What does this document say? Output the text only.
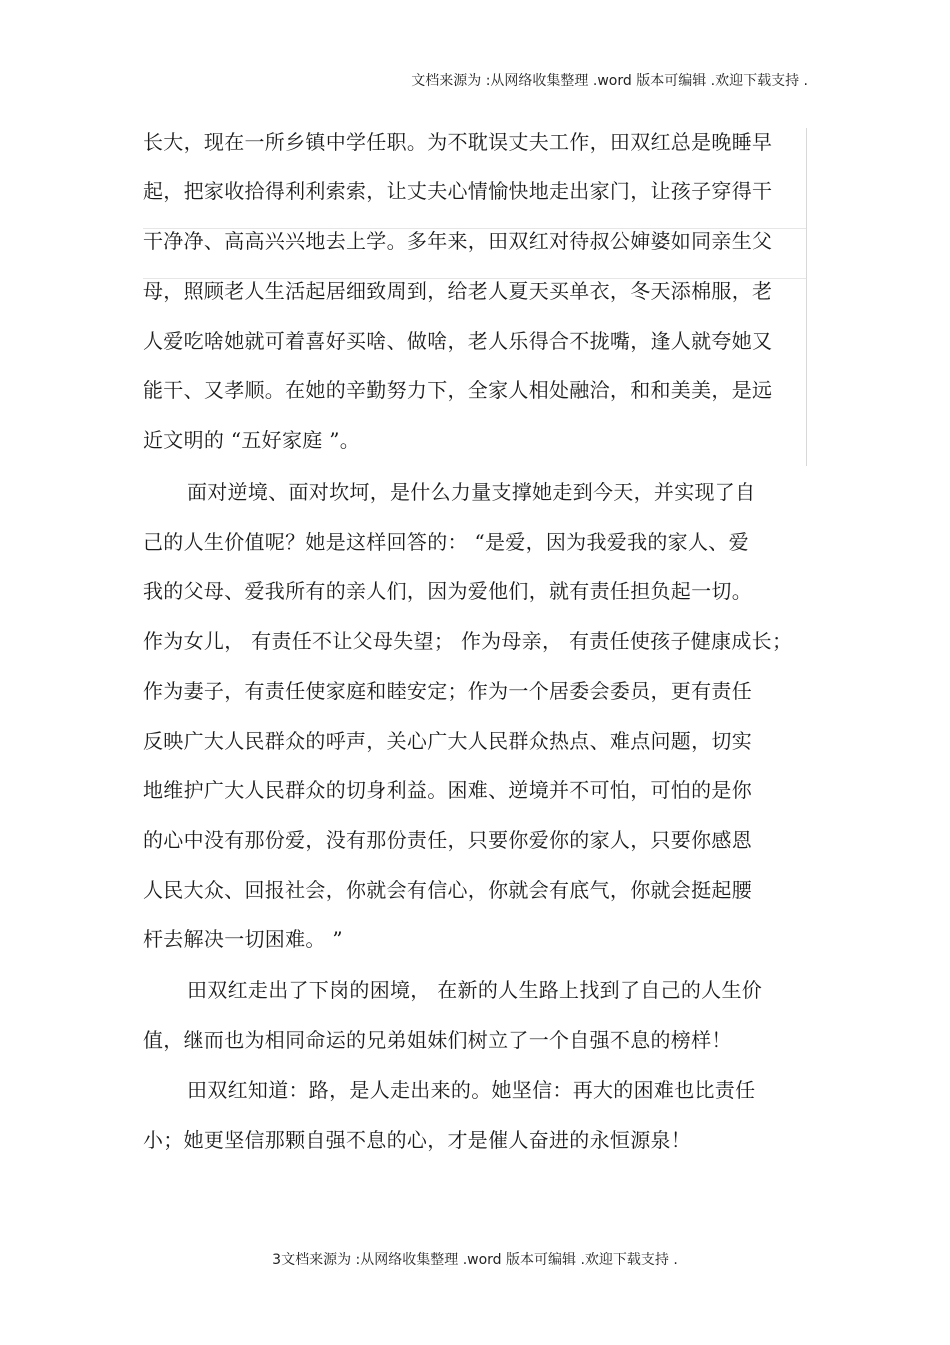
文档来源为 :从网络收集整理 .word 版本可编辑 .欢迎下载支持 .
长大，现在一所乡镇中学任职。为不耽误丈夫工作，田双红总是晚睡早
起，把家收拾得利利索索，让丈夫心情愉快地走出家门，让孩子穿得干
干净净、高高兴兴地去上学。多年来，田双红对待叔公婶婆如同亲生父
母，照顾老人生活起居细致周到，给老人夏天买单衣，冬天添棉服，老
人爱吃啥她就可着喜好买啥、做啥，老人乐得合不拢嘴，逢人就夸她又
能干、又孝顺。在她的辛勤努力下，全家人相处融洽，和和美美，是远
近文明的 “五好家庭 ”。
面对逆境、面对坎坷，是什么力量支撑她走到今天，并实现了自
己的人生价值呢？她是这样回答的： “是爱，因为我爱我的家人、爱
我的父母、爱我所有的亲人们，因为爱他们，就有责任担负起一切。
作为女儿， 有责任不让父母失望； 作为母亲， 有责任使孩子健康成长；
作为妻子，有责任使家庭和睦安定；作为一个居委会委员，更有责任
反映广大人民群众的呼声，关心广大人民群众热点、难点问题，切实
地维护广大人民群众的切身利益。困难、逆境并不可怕，可怕的是你
的心中没有那份爱，没有那份责任，只要你爱你的家人，只要你感恩
人民大众、回报社会，你就会有信心，你就会有底气，你就会挺起腰
杆去解决一切困难。 ”
田双红走出了下岗的困境， 在新的人生路上找到了自己的人生价
值，继而也为相同命运的兄弟姐妹们树立了一个自强不息的榜样！
田双红知道：路，是人走出来的。她坚信：再大的困难也比责任
小；她更坚信那颗自强不息的心，才是催人奋进的永恒源泉！
3文档来源为 :从网络收集整理 .word 版本可编辑 .欢迎下载支持 .
